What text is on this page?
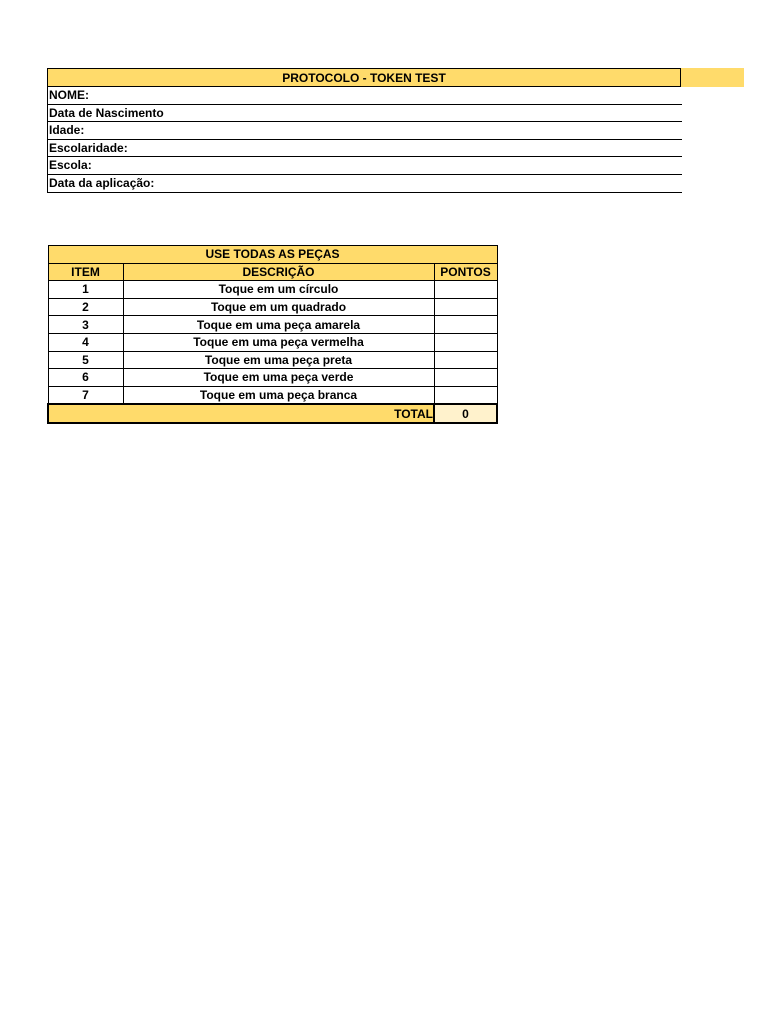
PROTOCOLO - TOKEN TEST
NOME:
Data de Nascimento
Idade:
Escolaridade:
Escola:
Data da aplicação:
USE TODAS AS PEÇAS		
ITEM	DESCRIÇÃO	PONTOS
1	Toque em um círculo	
2	Toque em um quadrado	
3	Toque em uma peça amarela	
4	Toque em uma peça vermelha	
5	Toque em uma peça preta	
6	Toque em uma peça verde	
7	Toque em uma peça branca	
TOTAL		0
